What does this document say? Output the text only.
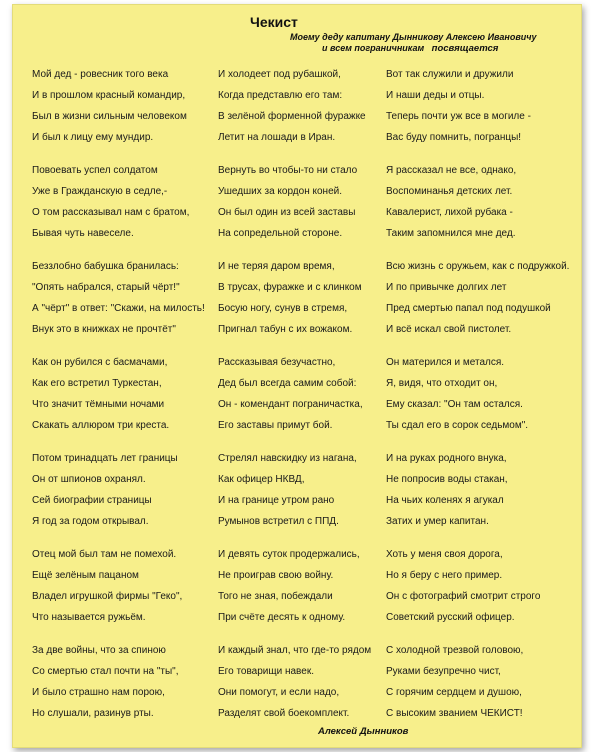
Чекист
Моему деду капитану Дынникову Алексею Ивановичу
и всем пограничникам посвящается
Мой дед - ровесник того века
И в прошлом красный командир,
Был в жизни сильным человеком
И был к лицу ему мундир.
Повоевать успел солдатом
Уже в Гражданскую в седле,-
О том рассказывал нам с братом,
Бывая чуть навеселе.
Беззлобно бабушка бранилась:
"Опять набрался, старый чёрт!"
А "чёрт" в ответ: "Скажи, на милость!
Внук это в книжках не прочтёт"
Как он рубился с басмачами,
Как его встретил Туркестан,
Что значит тёмными ночами
Скакать аллюром три креста.
Потом тринадцать лет границы
Он от шпионов охранял.
Сей биографии страницы
Я год за годом открывал.
Отец мой был там не помехой.
Ещё зелёным пацаном
Владел игрушкой фирмы "Геко",
Что называется ружьём.
За две войны, что за спиною
Со смертью стал почти на "ты",
И было страшно нам порою,
Но слушали, разинув рты.
И холодеет под рубашкой,
Когда представлю его там:
В зелёной форменной фуражке
Летит на лошади в Иран.
Вернуть во чтобы-то ни стало
Ушедших за кордон коней.
Он был один из всей заставы
На сопредельной стороне.
И не теряя даром время,
В трусах, фуражке и с клинком
Босую ногу, сунув в стремя,
Пригнал табун с их вожаком.
Рассказывая безучастно,
Дед был всегда самим собой:
Он - комендант пограничастка,
Его заставы примут бой.
Стрелял навскидку из нагана,
Как офицер НКВД,
И на границе утром рано
Румынов встретил с ППД.
И девять суток продержались,
Не проиграв свою войну.
Того не зная, побеждали
При счёте десять к одному.
И каждый знал, что где-то рядом
Его товарищи навек.
Они помогут, и если надо,
Разделят свой боекомплект.
Вот так служили и дружили
И наши деды и отцы.
Теперь почти уж все в могиле -
Вас буду помнить, погранцы!
Я рассказал не все, однако,
Воспоминанья детских лет.
Кавалерист, лихой рубака -
Таким запомнился мне дед.
Всю жизнь с оружьем, как с подружкой.
И по привычке долгих лет
Пред смертью папал под подушкой
И всё искал свой пистолет.
Он матерился и метался.
Я, видя, что отходит он,
Ему сказал: "Он там остался.
Ты сдал его в сорок седьмом".
И на руках родного внука,
Не попросив воды стакан,
На чьих коленях я агукал
Затих и умер капитан.
Хоть у меня своя дорога,
Но я беру с него пример.
Он с фотографий смотрит строго
Советский русский офицер.
С холодной трезвой головою,
Руками безупречно чист,
С горячим сердцем и душою,
С высоким званием ЧЕКИСТ!
Алексей Дынников
